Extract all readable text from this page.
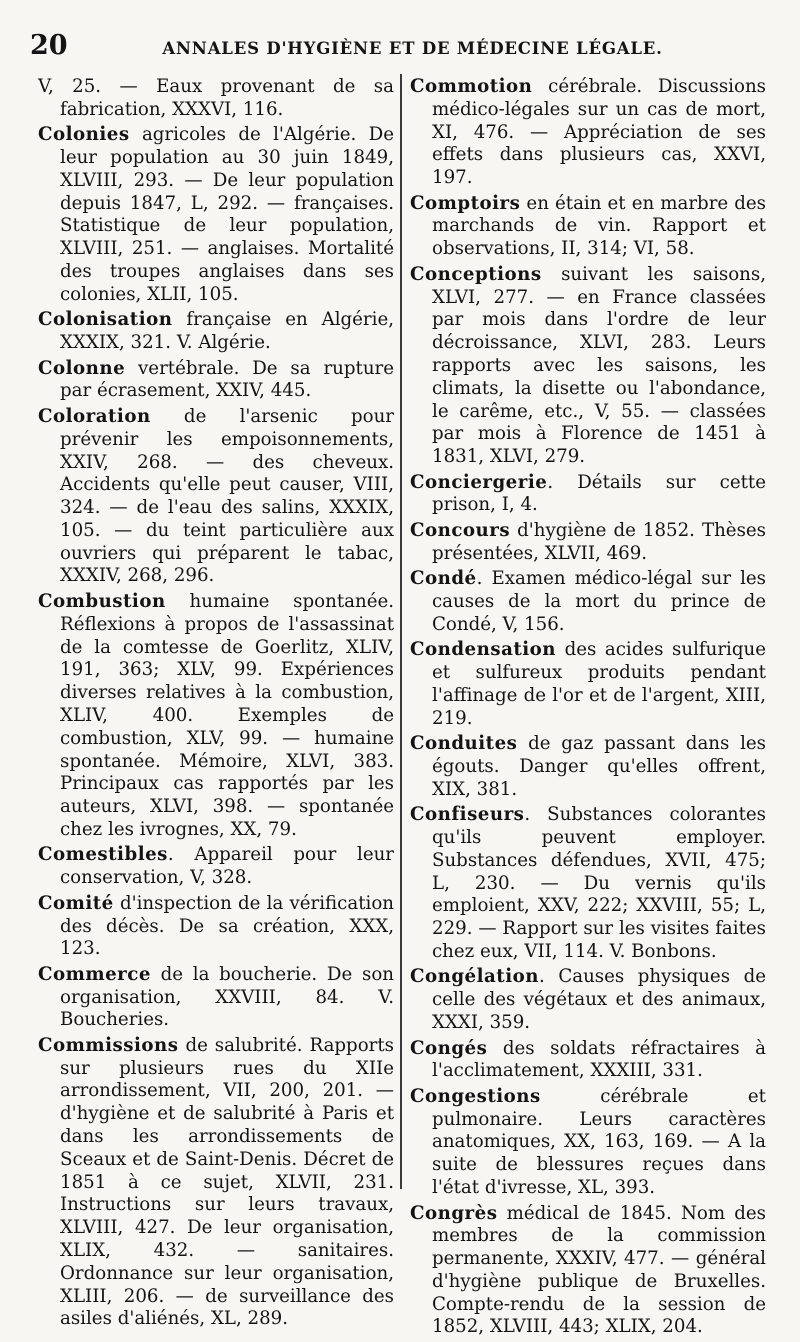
20	ANNALES D'HYGIÈNE ET DE MÉDECINE LÉGALE.

V, 25. — Eaux provenant de sa fabrication, XXXVI, 116.

Colonies agricoles de l'Algérie. De leur population au 30 juin 1849, XLVIII, 293. — De leur population depuis 1847, L, 292. — françaises. Statistique de leur population, XLVIII, 251. — anglaises. Mortalité des troupes anglaises dans ses colonies, XLII, 105.

Colonisation française en Algérie, XXXIX, 321. V. Algérie.

Colonne vertébrale. De sa rupture par écrasement, XXIV, 445.

Coloration de l'arsenic pour prévenir les empoisonnements, XXIV, 268. — des cheveux. Accidents qu'elle peut causer, VIII, 324. — de l'eau des salins, XXXIX, 105. — du teint particulière aux ouvriers qui préparent le tabac, XXXIV, 268, 296.

Combustion humaine spontanée. Réflexions à propos de l'assassinat de la comtesse de Goerlitz, XLIV, 191, 363; XLV, 99. Expériences diverses relatives à la combustion, XLIV, 400. Exemples de combustion, XLV, 99. — humaine spontanée. Mémoire, XLVI, 383. Principaux cas rapportés par les auteurs, XLVI, 398. — spontanée chez les ivrognes, XX, 79.

Comestibles. Appareil pour leur conservation, V, 328.

Comité d'inspection de la vérification des décès. De sa création, XXX, 123.

Commerce de la boucherie. De son organisation, XXVIII, 84. V. Boucheries.

Commissions de salubrité. Rapports sur plusieurs rues du XIIe arrondissement, VII, 200, 201. — d'hygiène et de salubrité à Paris et dans les arrondissements de Sceaux et de Saint-Denis. Décret de 1851 à ce sujet, XLVII, 231. Instructions sur leurs travaux, XLVIII, 427. De leur organisation, XLIX, 432. — sanitaires. Ordonnance sur leur organisation, XLIII, 206. — de surveillance des asiles d'aliénés, XL, 289.

Commotion cérébrale. Discussions médico-légales sur un cas de mort, XI, 476. — Appréciation de ses effets dans plusieurs cas, XXVI, 197.

Comptoirs en étain et en marbre des marchands de vin. Rapport et observations, II, 314; VI, 58.

Conceptions suivant les saisons, XLVI, 277. — en France classées par mois dans l'ordre de leur décroissance, XLVI, 283. Leurs rapports avec les saisons, les climats, la disette ou l'abondance, le carême, etc., V, 55. — classées par mois à Florence de 1451 à 1831, XLVI, 279.

Conciergerie. Détails sur cette prison, I, 4.

Concours d'hygiène de 1852. Thèses présentées, XLVII, 469.

Condé. Examen médico-légal sur les causes de la mort du prince de Condé, V, 156.

Condensation des acides sulfurique et sulfureux produits pendant l'affinage de l'or et de l'argent, XIII, 219.

Conduites de gaz passant dans les égouts. Danger qu'elles offrent, XIX, 381.

Confiseurs. Substances colorantes qu'ils peuvent employer. Substances défendues, XVII, 475; L, 230. — Du vernis qu'ils emploient, XXV, 222; XXVIII, 55; L, 229. — Rapport sur les visites faites chez eux, VII, 114. V. Bonbons.

Congélation. Causes physiques de celle des végétaux et des animaux, XXXI, 359.

Congés des soldats réfractaires à l'acclimatement, XXXIII, 331.

Congestions cérébrale et pulmonaire. Leurs caractères anatomiques, XX, 163, 169. — A la suite de blessures reçues dans l'état d'ivresse, XL, 393.

Congrès médical de 1845. Nom des membres de la commission permanente, XXXIV, 477. — général d'hygiène publique de Bruxelles. Compte-rendu de la session de 1852, XLVIII, 443; XLIX, 204.
